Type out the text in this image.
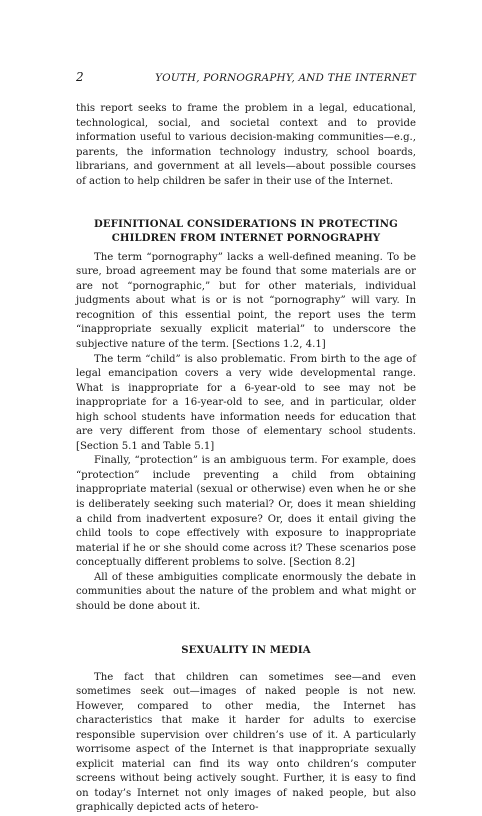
2	YOUTH, PORNOGRAPHY, AND THE INTERNET

this report seeks to frame the problem in a legal, educational, technological, social, and societal context and to provide information useful to various decision-making communities—e.g., parents, the information technology industry, school boards, librarians, and government at all levels—about possible courses of action to help children be safer in their use of the Internet.

DEFINITIONAL CONSIDERATIONS IN PROTECTING
CHILDREN FROM INTERNET PORNOGRAPHY

The term “pornography” lacks a well-defined meaning. To be sure, broad agreement may be found that some materials are or are not “pornographic,” but for other materials, individual judgments about what is or is not “pornography” will vary. In recognition of this essential point, the report uses the term “inappropriate sexually explicit material” to underscore the subjective nature of the term. [Sections 1.2, 4.1]

The term “child” is also problematic. From birth to the age of legal emancipation covers a very wide developmental range. What is inappropriate for a 6-year-old to see may not be inappropriate for a 16-year-old to see, and in particular, older high school students have information needs for education that are very different from those of elementary school students. [Section 5.1 and Table 5.1]

Finally, “protection” is an ambiguous term. For example, does “protection” include preventing a child from obtaining inappropriate material (sexual or otherwise) even when he or she is deliberately seeking such material? Or, does it mean shielding a child from inadvertent exposure? Or, does it entail giving the child tools to cope effectively with exposure to inappropriate material if he or she should come across it? These scenarios pose conceptually different problems to solve. [Section 8.2]

All of these ambiguities complicate enormously the debate in communities about the nature of the problem and what might or should be done about it.

SEXUALITY IN MEDIA

The fact that children can sometimes see—and even sometimes seek out—images of naked people is not new. However, compared to other media, the Internet has characteristics that make it harder for adults to exercise responsible supervision over children’s use of it. A particularly worrisome aspect of the Internet is that inappropriate sexually explicit material can find its way onto children’s computer screens without being actively sought. Further, it is easy to find on today’s Internet not only images of naked people, but also graphically depicted acts of hetero-
